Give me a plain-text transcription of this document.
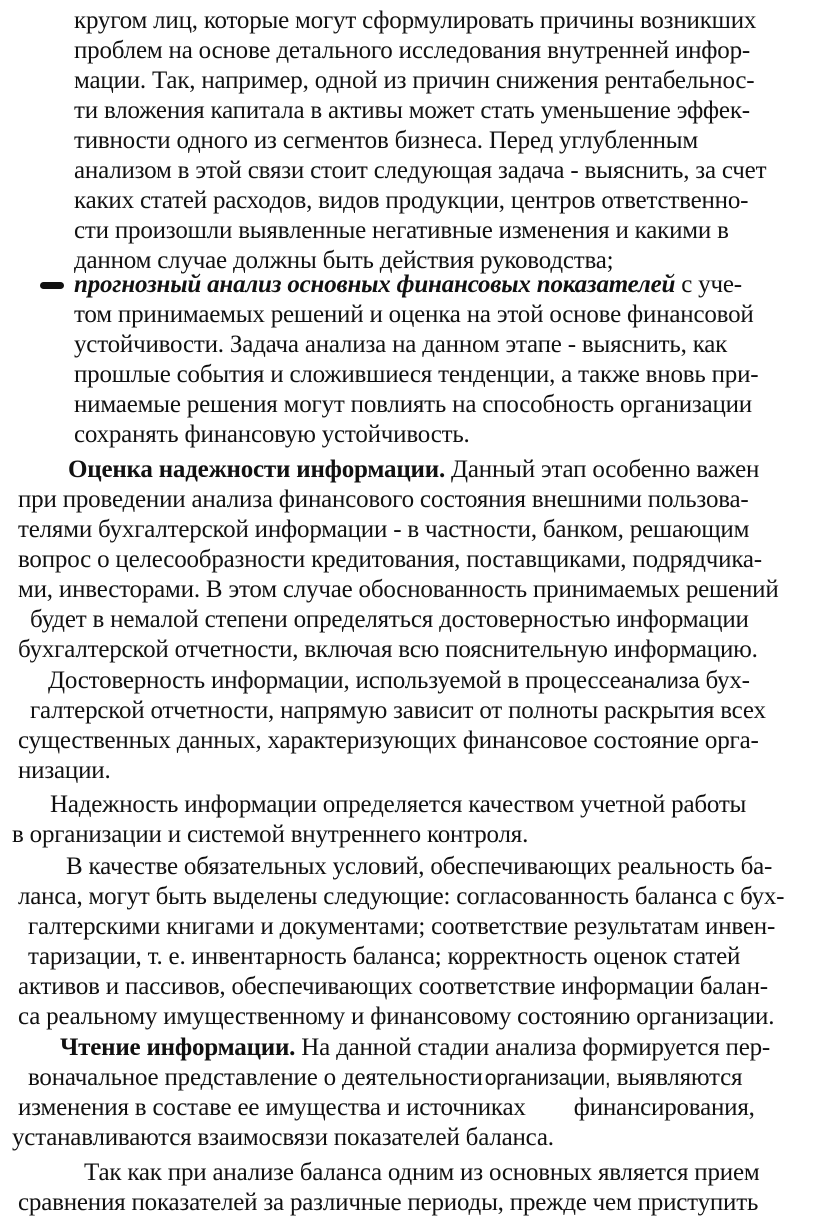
кругом лиц, которые могут сформулировать причины возникших
проблем на основе детального исследования внутренней инфор-
мации. Так, например, одной из причин снижения рентабельнос-
ти вложения капитала в активы может стать уменьшение эффек-
тивности одного из сегментов бизнеса. Перед углубленным
анализом в этой связи стоит следующая задача - выяснить, за счет
каких статей расходов, видов продукции, центров ответственно-
сти произошли выявленные негативные изменения и какими в
данном случае должны быть действия руководства;
прогнозный анализ основных финансовых показателей с уче-
том принимаемых решений и оценка на этой основе финансовой
устойчивости. Задача анализа на данном этапе - выяснить, как
прошлые события и сложившиеся тенденции, а также вновь при-
нимаемые решения могут повлиять на способность организации
сохранять финансовую устойчивость.
Оценка надежности информации. Данный этап особенно важен
при проведении анализа финансового состояния внешними пользова-
телями бухгалтерской информации - в частности, банком, решающим
вопрос о целесообразности кредитования, поставщиками, подрядчика-
ми, инвесторами. В этом случае обоснованность принимаемых решений
будет в немалой степени определяться достоверностью информации
бухгалтерской отчетности, включая всю пояснительную информацию.
Достоверность информации, используемой в процессеанализа бух-
галтерской отчетности, напрямую зависит от полноты раскрытия всех
существенных данных, характеризующих финансовое состояние орга-
низации.
Надежность информации определяется качеством учетной работы
в организации и системой внутреннего контроля.
В качестве обязательных условий, обеспечивающих реальность ба-
ланса, могут быть выделены следующие: согласованность баланса с бух-
галтерскими книгами и документами; соответствие результатам инвен-
таризации, т. е. инвентарность баланса; корректность оценок статей
активов и пассивов, обеспечивающих соответствие информации балан-
са реальному имущественному и финансовому состоянию организации.
Чтение информации. На данной стадии анализа формируется пер-
воначальное представление о деятельностиорганизации, выявляются
изменения в составе ее имущества и источниках финансирования,
устанавливаются взаимосвязи показателей баланса.
Так как при анализе баланса одним из основных является прием
сравнения показателей за различные периоды, прежде чем приступить
